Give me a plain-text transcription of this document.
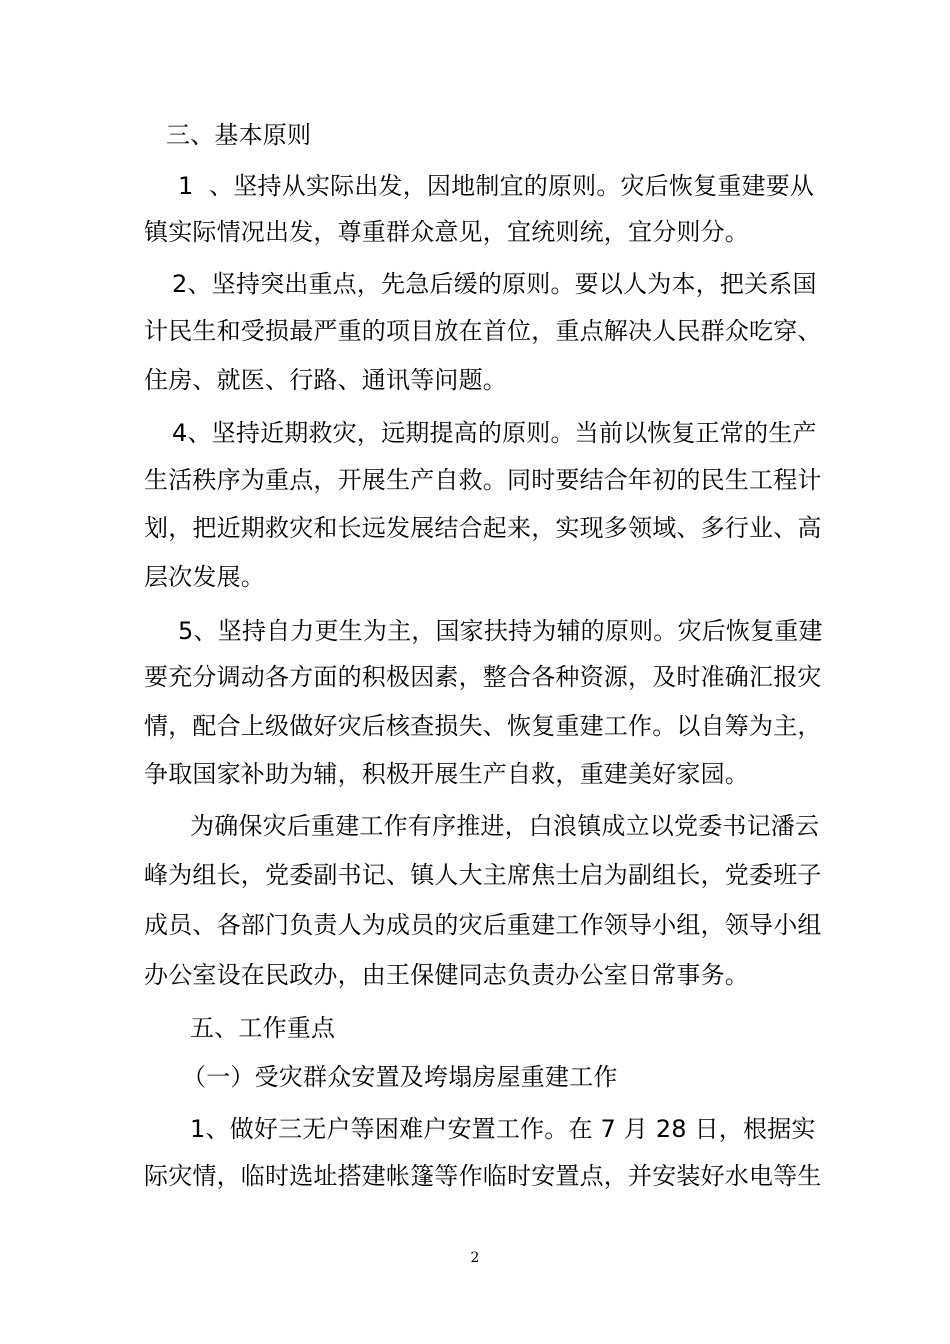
三、基本原则
1  、坚持从实际出发，因地制宜的原则。灾后恢复重建要从
镇实际情况出发，尊重群众意见，宜统则统，宜分则分。
2、坚持突出重点，先急后缓的原则。要以人为本，把关系国
计民生和受损最严重的项目放在首位，重点解决人民群众吃穿、
住房、就医、行路、通讯等问题。
4、坚持近期救灾，远期提高的原则。当前以恢复正常的生产
生活秩序为重点，开展生产自救。同时要结合年初的民生工程计
划，把近期救灾和长远发展结合起来，实现多领域、多行业、高
层次发展。
5、坚持自力更生为主，国家扶持为辅的原则。灾后恢复重建
要充分调动各方面的积极因素，整合各种资源，及时准确汇报灾
情，配合上级做好灾后核查损失、恢复重建工作。以自筹为主，
争取国家补助为辅，积极开展生产自救，重建美好家园。
为确保灾后重建工作有序推进，白浪镇成立以党委书记潘云
峰为组长，党委副书记、镇人大主席焦士启为副组长，党委班子
成员、各部门负责人为成员的灾后重建工作领导小组，领导小组
办公室设在民政办，由王保健同志负责办公室日常事务。
五、工作重点
（一）受灾群众安置及垮塌房屋重建工作
1、做好三无户等困难户安置工作。在 7 月 28 日，根据实
际灾情，临时选址搭建帐篷等作临时安置点，并安装好水电等生
2
